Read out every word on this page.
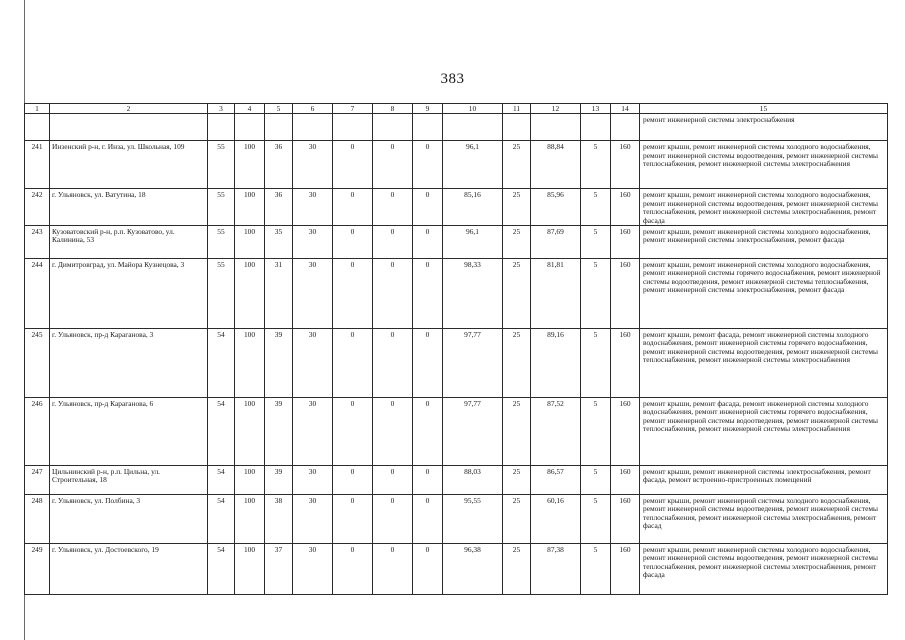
383
1	2	3	4	5	6	7	8	9	10	11	12	13	14	15
														ремонт инженерной системы электроснабжения
241	Инзенский р-н, г. Инза, ул. Школьная, 109	55	100	36	30	0	0	0	96,1	25	88,84	5	160	ремонт крыши, ремонт инженерной системы холодного водоснабжения, ремонт инженерной системы водоотведения, ремонт инженерной системы теплоснабжения, ремонт инженерной системы электроснабжения
242	г. Ульяновск, ул. Ватутина, 18	55	100	36	30	0	0	0	85,16	25	85,96	5	160	ремонт крыши, ремонт инженерной системы холодного водоснабжения, ремонт инженерной системы водоотведения, ремонт инженерной системы теплоснабжения, ремонт инженерной системы электроснабжения, ремонт фасада
243	Кузоватовский р-н, р.п. Кузоватово, ул. Калинина, 53	55	100	35	30	0	0	0	96,1	25	87,69	5	160	ремонт крыши, ремонт инженерной системы холодного водоснабжения, ремонт инженерной системы электроснабжения, ремонт фасада
244	г. Димитровград, ул. Майора Кузнецова, 3	55	100	31	30	0	0	0	98,33	25	81,81	5	160	ремонт крыши, ремонт инженерной системы холодного водоснабжения, ремонт инженерной системы горячего водоснабжения, ремонт инженерной системы водоотведения, ремонт инженерной системы теплоснабжения, ремонт инженерной системы электроснабжения, ремонт фасада
245	г. Ульяновск, пр-д Караганова, 3	54	100	39	30	0	0	0	97,77	25	89,16	5	160	ремонт крыши, ремонт фасада, ремонт инженерной системы холодного водоснабжения, ремонт инженерной системы горячего водоснабжения, ремонт инженерной системы водоотведения, ремонт инженерной системы теплоснабжения, ремонт инженерной системы электроснабжения
246	г. Ульяновск, пр-д Караганова, 6	54	100	39	30	0	0	0	97,77	25	87,52	5	160	ремонт крыши, ремонт фасада, ремонт инженерной системы холодного водоснабжения, ремонт инженерной системы горячего водоснабжения, ремонт инженерной системы водоотведения, ремонт инженерной системы теплоснабжения, ремонт инженерной системы электроснабжения
247	Цильнинский р-н, р.п. Цильна, ул. Строительная, 18	54	100	39	30	0	0	0	88,03	25	86,57	5	160	ремонт крыши, ремонт инженерной системы электроснабжения, ремонт фасада, ремонт встроенно-пристроенных помещений
248	г. Ульяновск, ул. Полбина, 3	54	100	38	30	0	0	0	95,55	25	60,16	5	160	ремонт крыши, ремонт инженерной системы холодного водоснабжения, ремонт инженерной системы водоотведения, ремонт инженерной системы теплоснабжения, ремонт инженерной системы электроснабжения, ремонт фасад
249	г. Ульяновск, ул. Достоевского, 19	54	100	37	30	0	0	0	96,38	25	87,38	5	160	ремонт крыши, ремонт инженерной системы холодного водоснабжения, ремонт инженерной системы водоотведения, ремонт инженерной системы теплоснабжения, ремонт инженерной системы электроснабжения, ремонт фасада
